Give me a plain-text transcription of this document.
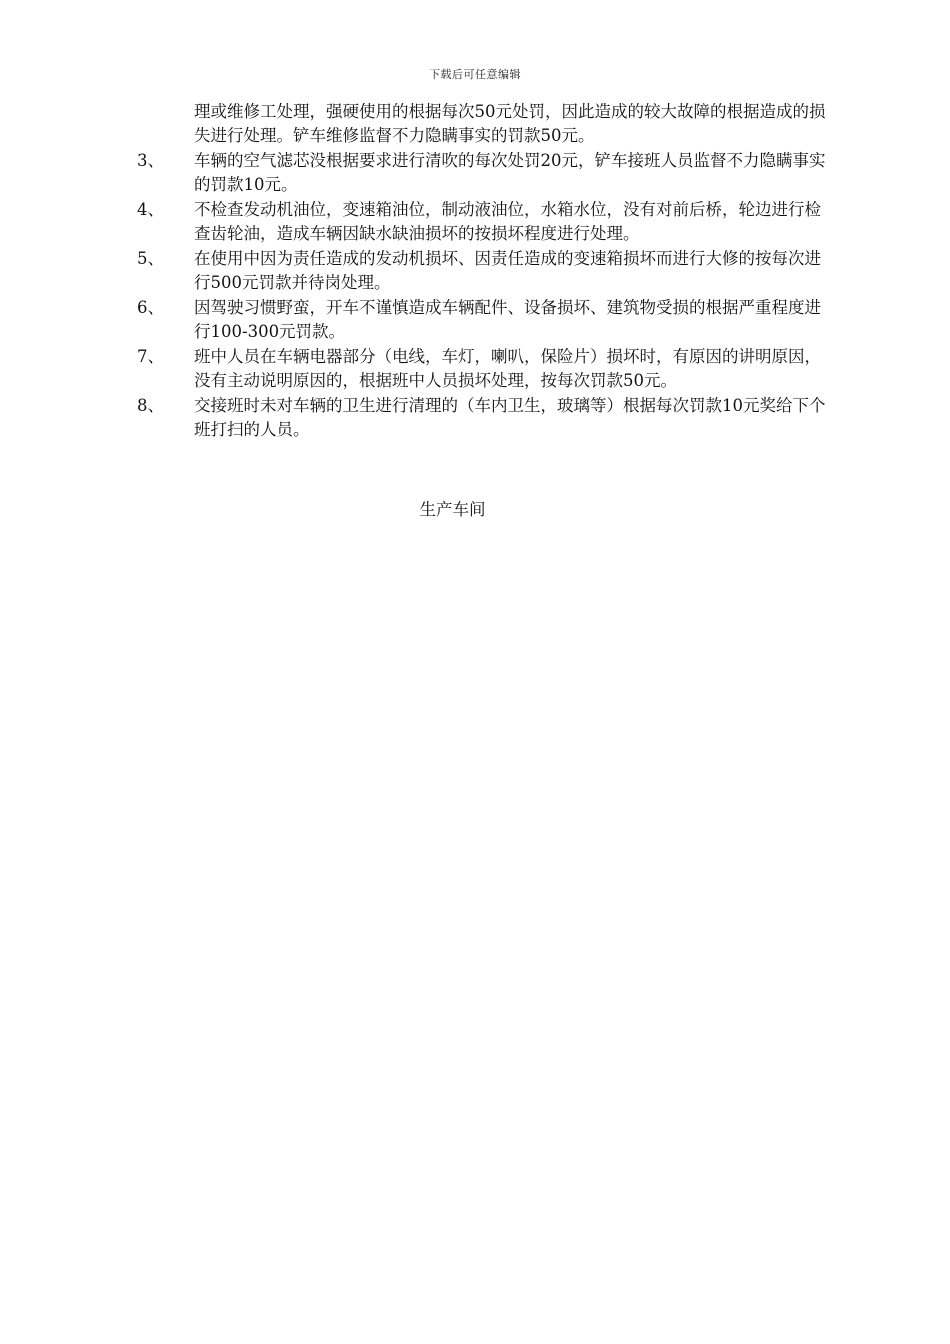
下载后可任意编辑
理或维修工处理，强硬使用的根据每次50元处罚，因此造成的较大故障的根据造成的损失进行处理。铲车维修监督不力隐瞒事实的罚款50元。
3、	车辆的空气滤芯没根据要求进行清吹的每次处罚20元，铲车接班人员监督不力隐瞒事实的罚款10元。
4、	不检查发动机油位，变速箱油位，制动液油位，水箱水位，没有对前后桥，轮边进行检查齿轮油，造成车辆因缺水缺油损坏的按损坏程度进行处理。
5、	在使用中因为责任造成的发动机损坏、因责任造成的变速箱损坏而进行大修的按每次进行500元罚款并待岗处理。
6、	因驾驶习惯野蛮，开车不谨慎造成车辆配件、设备损坏、建筑物受损的根据严重程度进行100-300元罚款。
7、	班中人员在车辆电器部分（电线，车灯，喇叭，保险片）损坏时，有原因的讲明原因，没有主动说明原因的，根据班中人员损坏处理，按每次罚款50元。
8、	交接班时未对车辆的卫生进行清理的（车内卫生，玻璃等）根据每次罚款10元奖给下个班打扫的人员。
生产车间
